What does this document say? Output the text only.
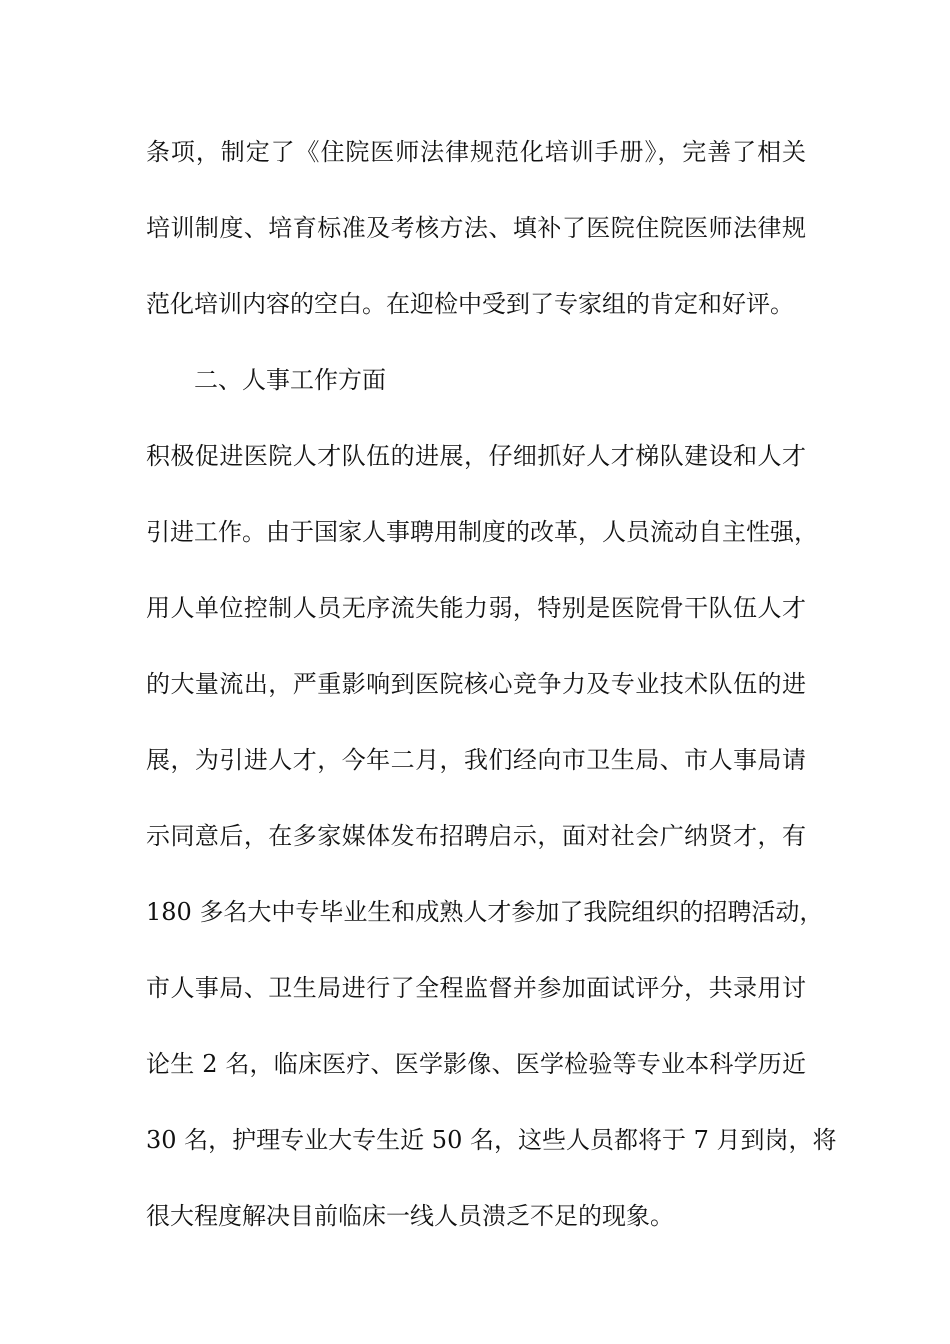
条项，制定了《住院医师法律规范化培训手册》，完善了相关
培训制度、培育标准及考核方法、填补了医院住院医师法律规
范化培训内容的空白。在迎检中受到了专家组的肯定和好评。
二、人事工作方面
积极促进医院人才队伍的进展，仔细抓好人才梯队建设和人才
引进工作。由于国家人事聘用制度的改革，人员流动自主性强，
用人单位控制人员无序流失能力弱，特别是医院骨干队伍人才
的大量流出，严重影响到医院核心竞争力及专业技术队伍的进
展，为引进人才，今年二月，我们经向市卫生局、市人事局请
示同意后，在多家媒体发布招聘启示，面对社会广纳贤才，有
180 多名大中专毕业生和成熟人才参加了我院组织的招聘活动，
市人事局、卫生局进行了全程监督并参加面试评分，共录用讨
论生 2 名，临床医疗、医学影像、医学检验等专业本科学历近
30 名，护理专业大专生近 50 名，这些人员都将于 7 月到岗，将
很大程度解决目前临床一线人员溃乏不足的现象。
